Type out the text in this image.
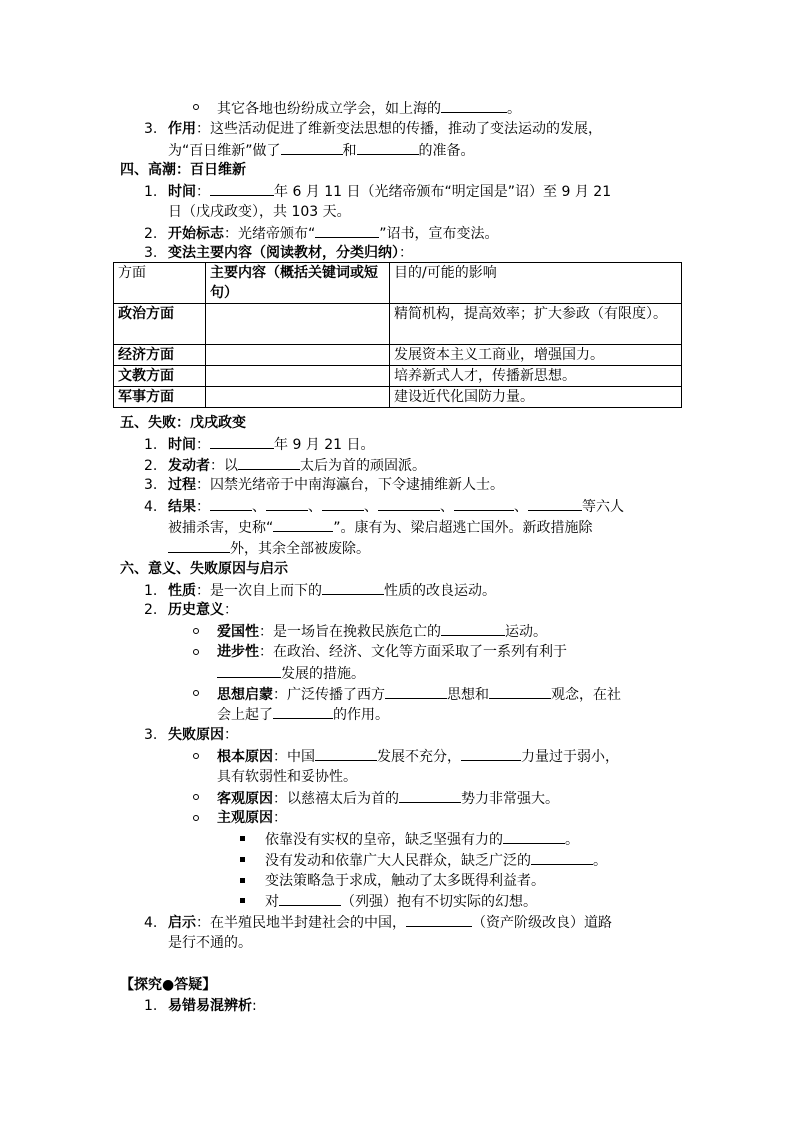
其它各地也纷纷成立学会，如上海的	。
3. 作用：这些活动促进了维新变法思想的传播，推动了变法运动的发展，
为“百日维新”做了	和	的准备。
四、高潮：百日维新
1. 时间：	年 6 月 11 日（光绪帝颁布“明定国是”诏）至 9 月 21
日（戊戌政变），共 103 天。
2. 开始标志：光绪帝颁布“	”诏书，宣布变法。
3. 变法主要内容（阅读教材，分类归纳）：
方面	主要内容（概括关键词或短句）	目的/可能的影响
政治方面		精简机构，提高效率；扩大参政（有限度）。
经济方面		发展资本主义工商业，增强国力。
文教方面		培养新式人才，传播新思想。
军事方面		建设近代化国防力量。
五、失败：戊戌政变
1. 时间：	年 9 月 21 日。
2. 发动者：以	太后为首的顽固派。
3. 过程：囚禁光绪帝于中南海瀛台，下令逮捕维新人士。
4. 结果：	、	、	、	、	、	等六人
被捕杀害，史称“	”。康有为、梁启超逃亡国外。新政措施除
外，其余全部被废除。
六、意义、失败原因与启示
1. 性质：是一次自上而下的	性质的改良运动。
2. 历史意义：
爱国性：是一场旨在挽救民族危亡的	运动。
进步性：在政治、经济、文化等方面采取了一系列有利于
发展的措施。
思想启蒙：广泛传播了西方	思想和	观念，在社
会上起了	的作用。
3. 失败原因：
根本原因：中国	发展不充分，	力量过于弱小，
具有软弱性和妥协性。
客观原因：以慈禧太后为首的	势力非常强大。
主观原因：
依靠没有实权的皇帝，缺乏坚强有力的	。
没有发动和依靠广大人民群众，缺乏广泛的	。
变法策略急于求成，触动了太多既得利益者。
对	（列强）抱有不切实际的幻想。
4. 启示：在半殖民地半封建社会的中国，	（资产阶级改良）道路
是行不通的。
【探究●答疑】
1. 易错易混辨析:
